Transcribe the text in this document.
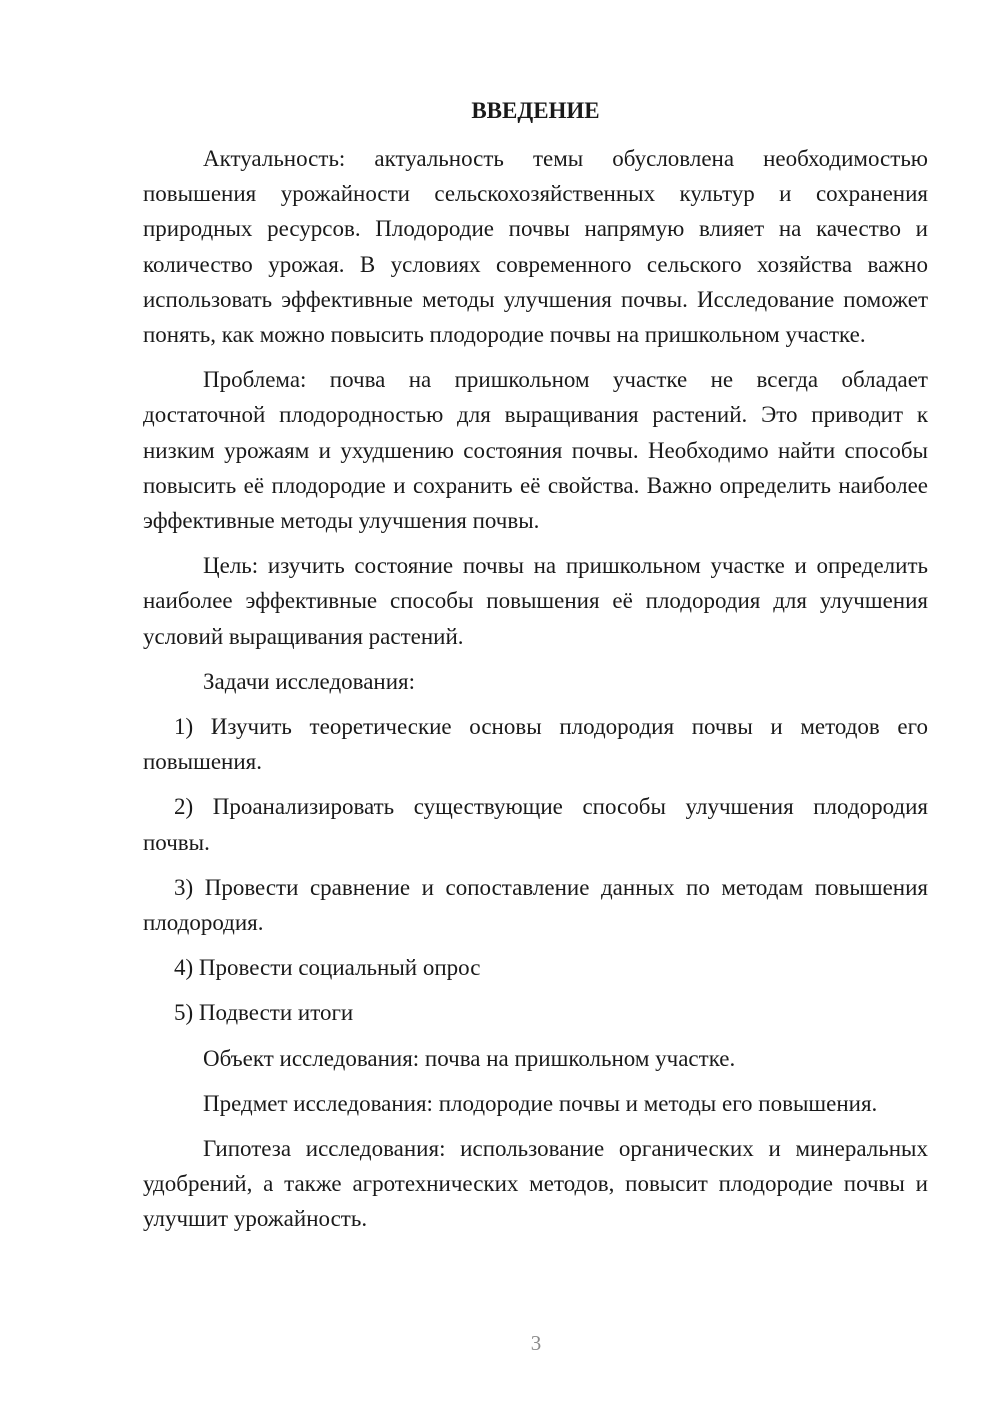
ВВЕДЕНИЕ

Актуальность: актуальность темы обусловлена необходимостью повышения урожайности сельскохозяйственных культур и сохранения природных ресурсов. Плодородие почвы напрямую влияет на качество и количество урожая. В условиях современного сельского хозяйства важно использовать эффективные методы улучшения почвы. Исследование поможет понять, как можно повысить плодородие почвы на пришкольном участке.

Проблема: почва на пришкольном участке не всегда обладает достаточной плодородностью для выращивания растений. Это приводит к низким урожаям и ухудшению состояния почвы. Необходимо найти способы повысить её плодородие и сохранить её свойства. Важно определить наиболее эффективные методы улучшения почвы.

Цель: изучить состояние почвы на пришкольном участке и определить наиболее эффективные способы повышения её плодородия для улучшения условий выращивания растений.

Задачи исследования:

1) Изучить теоретические основы плодородия почвы и методов его повышения.

2) Проанализировать существующие способы улучшения плодородия почвы.

3) Провести сравнение и сопоставление данных по методам повышения плодородия.

4) Провести социальный опрос

5) Подвести итоги

Объект исследования: почва на пришкольном участке.

Предмет исследования: плодородие почвы и методы его повышения.

Гипотеза исследования: использование органических и минеральных удобрений, а также агротехнических методов, повысит плодородие почвы и улучшит урожайность.

3
